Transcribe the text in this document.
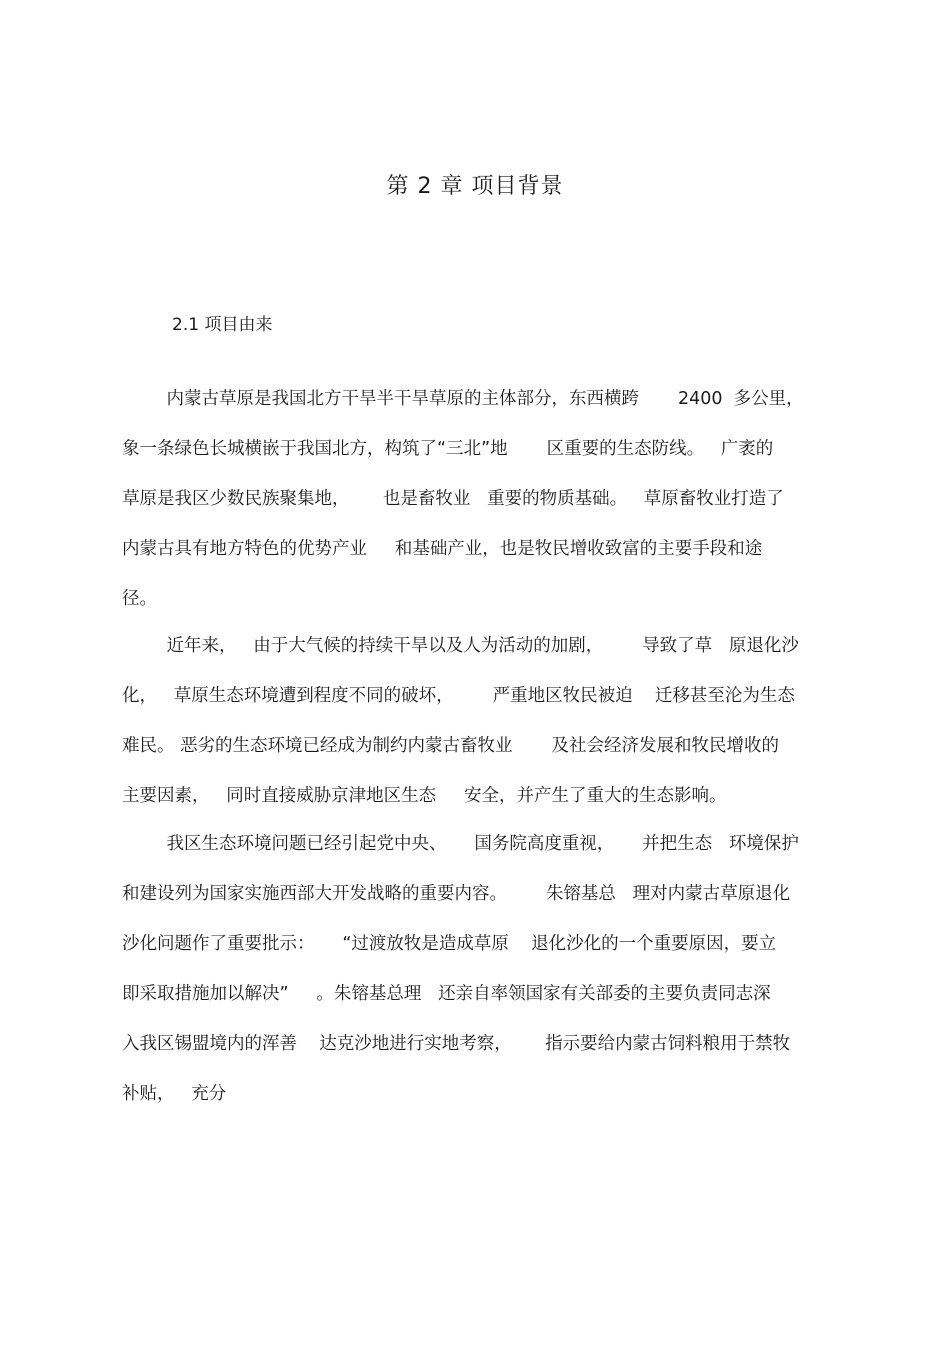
第 2 章 项目背景
2.1 项目由来
内蒙古草原是我国北方干旱半干旱草原的主体部分，东西横跨       2400  多公里，
象一条绿色长城横嵌于我国北方，构筑了“三北”地       区重要的生态防线。   广袤的
草原是我区少数民族聚集地，      也是畜牧业   重要的物质基础。   草原畜牧业打造了
内蒙古具有地方特色的优势产业     和基础产业，也是牧民增收致富的主要手段和途
径。
近年来，   由于大气候的持续干旱以及人为活动的加剧，       导致了草   原退化沙
化，   草原生态环境遭到程度不同的破坏，       严重地区牧民被迫    迁移甚至沦为生态
难民。 恶劣的生态环境已经成为制约内蒙古畜牧业       及社会经济发展和牧民增收的
主要因素，   同时直接威胁京津地区生态     安全，并产生了重大的生态影响。
我区生态环境问题已经引起党中央、     国务院高度重视，     并把生态   环境保护
和建设列为国家实施西部大开发战略的重要内容。       朱镕基总   理对内蒙古草原退化
沙化问题作了重要批示：     “过渡放牧是造成草原    退化沙化的一个重要原因，要立
即采取措施加以解决”     。朱镕基总理   还亲自率领国家有关部委的主要负责同志深
入我区锡盟境内的浑善    达克沙地进行实地考察，      指示要给内蒙古饲料粮用于禁牧
补贴，   充分
